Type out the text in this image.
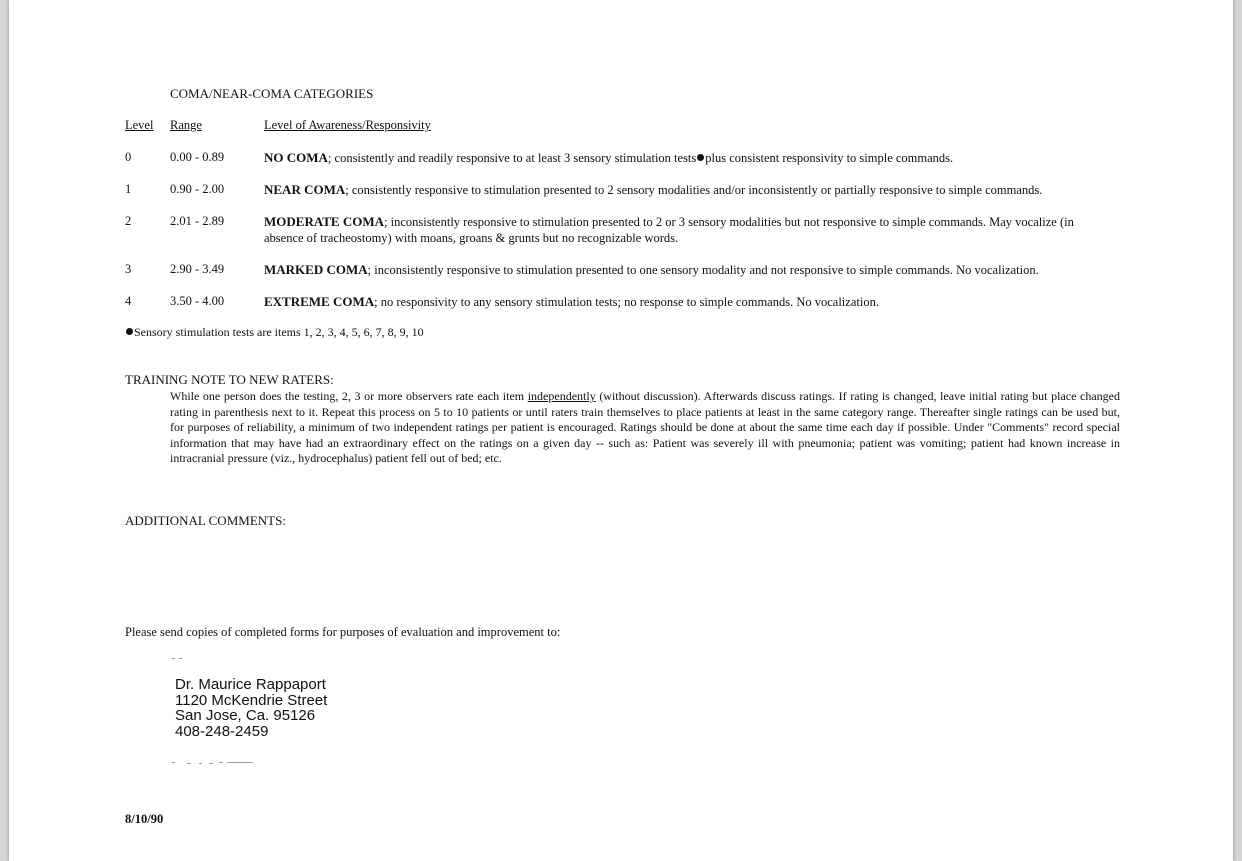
COMA/NEAR-COMA CATEGORIES
Level Range	Level of Awareness/Responsivity
0	0.00 - 0.89	NO COMA; consistently and readily responsive to at least 3 sensory stimulation tests plus consistent responsivity to simple commands.
1	0.90 - 2.00	NEAR COMA; consistently responsive to stimulation presented to 2 sensory modalities and/or inconsistently or partially responsive to simple commands.
2	2.01 - 2.89	MODERATE COMA; inconsistently responsive to stimulation presented to 2 or 3 sensory modalities but not responsive to simple commands. May vocalize (in absence of tracheostomy) with moans, groans & grunts but no recognizable words.
3	2.90 - 3.49	MARKED COMA; inconsistently responsive to stimulation presented to one sensory modality and not responsive to simple commands. No vocalization.
4	3.50 - 4.00	EXTREME COMA; no responsivity to any sensory stimulation tests; no response to simple commands. No vocalization.
Sensory stimulation tests are items 1, 2, 3, 4, 5, 6, 7, 8, 9, 10
TRAINING NOTE TO NEW RATERS:
While one person does the testing, 2, 3 or more observers rate each item independently (without discussion). Afterwards discuss ratings. If rating is changed, leave initial rating but place changed rating in parenthesis next to it. Repeat this process on 5 to 10 patients or until raters train themselves to place patients at least in the same category range. Thereafter single ratings can be used but, for purposes of reliability, a minimum of two independent ratings per patient is encouraged. Ratings should be done at about the same time each day if possible. Under "Comments" record special information that may have had an extraordinary effect on the ratings on a given day -- such as: Patient was severely ill with pneumonia; patient was vomiting; patient had known increase in intracranial pressure (viz., hydrocephalus) patient fell out of bed; etc.
ADDITIONAL COMMENTS:
Please send copies of completed forms for purposes of evaluation and improvement to:
Dr. Maurice Rappaport
1120 McKendrie Street
San Jose, Ca. 95126
408-248-2459
8/10/90
